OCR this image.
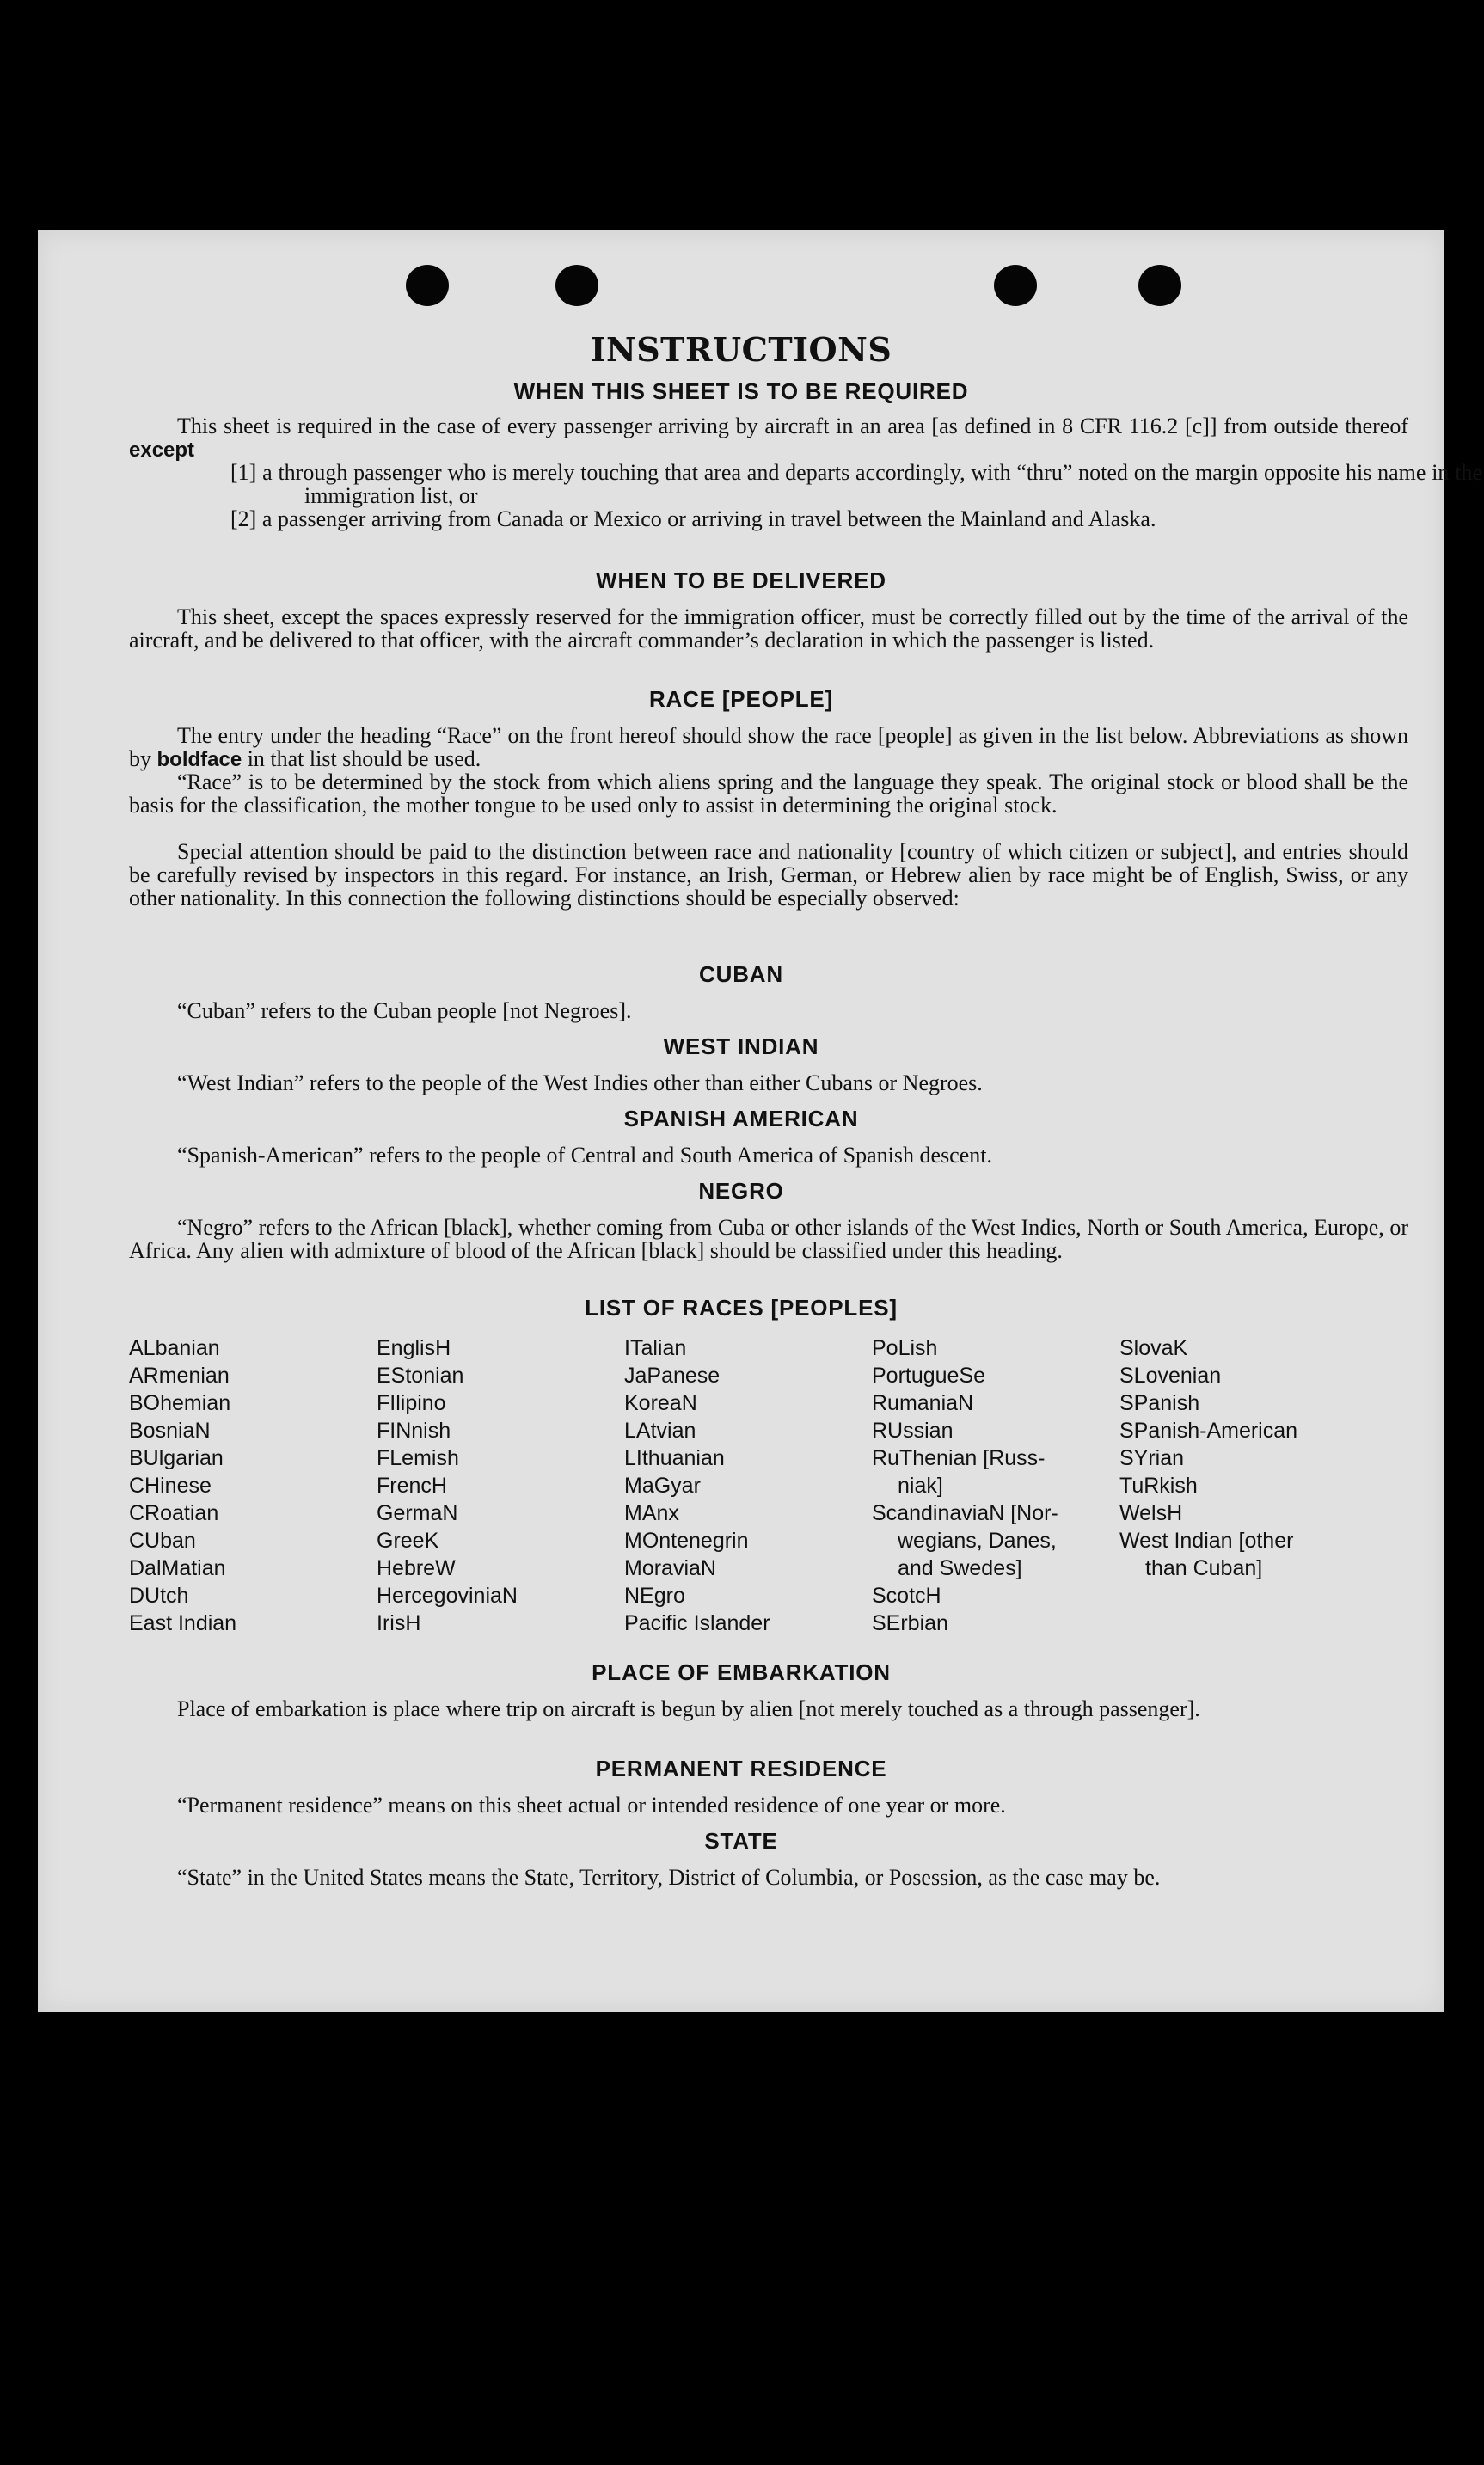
INSTRUCTIONS
WHEN THIS SHEET IS TO BE REQUIRED

This sheet is required in the case of every passenger arriving by aircraft in an area [as defined in 8 CFR 116.2 [c]] from outside thereof except

[1] a through passenger who is merely touching that area and departs accordingly, with “thru” noted on the margin opposite his name in the immigration list, or
[2] a passenger arriving from Canada or Mexico or arriving in travel between the Mainland and Alaska.
WHEN TO BE DELIVERED

This sheet, except the spaces expressly reserved for the immigration officer, must be correctly filled out by the time of the arrival of the aircraft, and be delivered to that officer, with the aircraft commander’s declaration in which the passenger is listed.

RACE [PEOPLE]

The entry under the heading “Race” on the front hereof should show the race [people] as given in the list below. Abbreviations as shown by boldface in that list should be used.

“Race” is to be determined by the stock from which aliens spring and the language they speak. The original stock or blood shall be the basis for the classification, the mother tongue to be used only to assist in determining the original stock.

Special attention should be paid to the distinction between race and nationality [country of which citizen or subject], and entries should be carefully revised by inspectors in this regard. For instance, an Irish, German, or Hebrew alien by race might be of English, Swiss, or any other nationality. In this connection the following distinctions should be especially observed:

CUBAN

“Cuban” refers to the Cuban people [not Negroes].

WEST INDIAN

“West Indian” refers to the people of the West Indies other than either Cubans or Negroes.

SPANISH AMERICAN

“Spanish-American” refers to the people of Central and South America of Spanish descent.

NEGRO

“Negro” refers to the African [black], whether coming from Cuba or other islands of the West Indies, North or South America, Europe, or Africa. Any alien with admixture of blood of the African [black] should be classified under this heading.

LIST OF RACES [PEOPLES]
ALbanian
ARmenian
BOhemian
BosniaN
BUlgarian
CHinese
CRoatian
CUban
DalMatian
DUtch
East Indian
EnglisH
EStonian
FIlipino
FINnish
FLemish
FrencH
GermaN
GreeK
HebreW
HercegoviniaN
IrisH
ITalian
JaPanese
KoreaN
LAtvian
LIthuanian
MaGyar
MAnx
MOntenegrin
MoraviaN
NEgro
Pacific Islander
PoLish
PortugueSe
RumaniaN
RUssian
RuThenian [Russ-
niak]
ScandinaviaN [Nor-
wegians, Danes,
and Swedes]
ScotcH
SErbian
SlovaK
SLovenian
SPanish
SPanish-American
SYrian
TuRkish
WelsH
West Indian [other
than Cuban]
PLACE OF EMBARKATION

Place of embarkation is place where trip on aircraft is begun by alien [not merely touched as a through passenger].

PERMANENT RESIDENCE

“Permanent residence” means on this sheet actual or intended residence of one year or more.

STATE

“State” in the United States means the State, Territory, District of Columbia, or Posession, as the case may be.
